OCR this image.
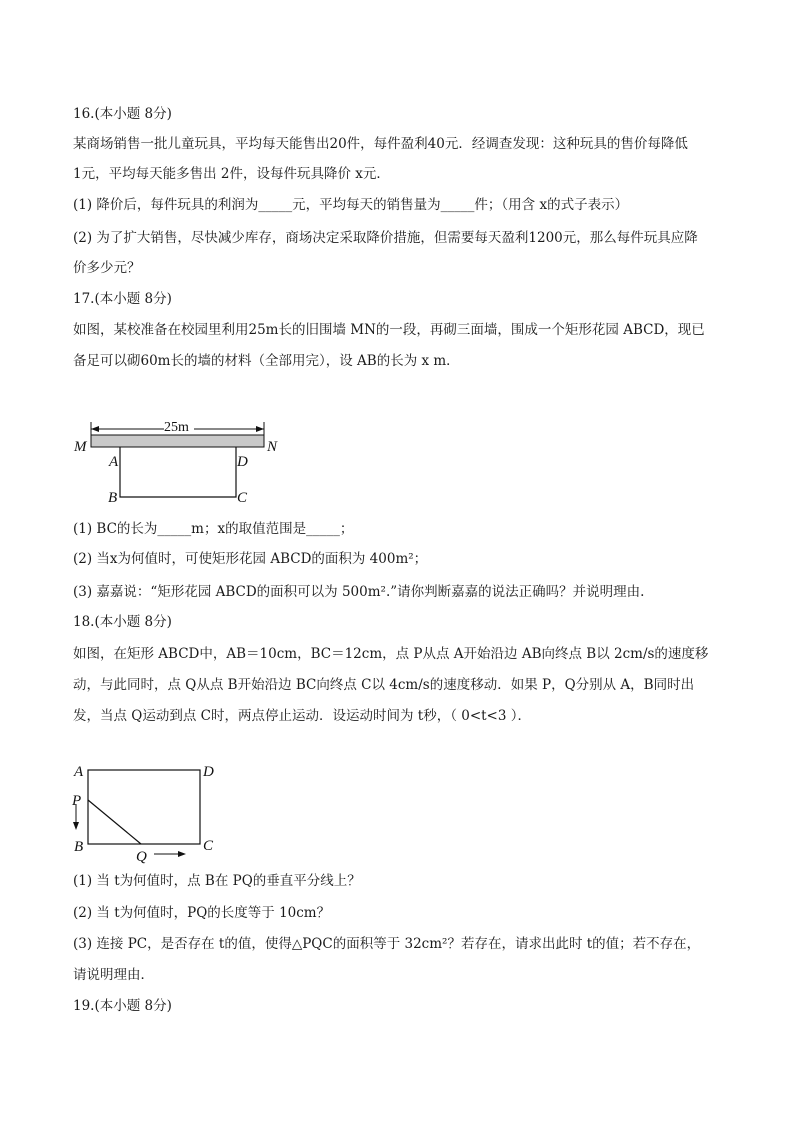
16.(本小题 8分)
某商场销售一批儿童玩具，平均每天能售出20件，每件盈利40元．经调查发现：这种玩具的售价每降低
1元，平均每天能多售出 2件，设每件玩具降价 x元．
(1) 降价后，每件玩具的利润为_____元，平均每天的销售量为_____件；（用含 x的式子表示）
(2) 为了扩大销售，尽快减少库存，商场决定采取降价措施，但需要每天盈利1200元，那么每件玩具应降
价多少元？
17.(本小题 8分)
如图，某校准备在校园里利用25m长的旧围墙 MN的一段，再砌三面墙，围成一个矩形花园 ABCD，现已
备足可以砌60m长的墙的材料（全部用完），设 AB的长为 x m．
25m
M	N
A	D
B	C
(1) BC的长为_____m；x的取值范围是_____；
(2) 当x为何值时，可使矩形花园 ABCD的面积为 400m²；
(3) 嘉嘉说：“矩形花园 ABCD的面积可以为 500m².”请你判断嘉嘉的说法正确吗？并说明理由.
18.(本小题 8分)
如图，在矩形 ABCD中，AB＝10cm，BC＝12cm，点 P从点 A开始沿边 AB向终点 B以 2cm/s的速度移
动，与此同时，点 Q从点 B开始沿边 BC向终点 C以 4cm/s的速度移动．如果 P，Q分别从 A，B同时出
发，当点 Q运动到点 C时，两点停止运动．设运动时间为 t秒，（ 0<t<3 ）．
A	D
P
B
Q
C
(1) 当 t为何值时，点 B在 PQ的垂直平分线上？
(2) 当 t为何值时，PQ的长度等于 10cm？
(3) 连接 PC，是否存在 t的值，使得△PQC的面积等于 32cm²？若存在，请求出此时 t的值；若不存在，
请说明理由．
19.(本小题 8分)
